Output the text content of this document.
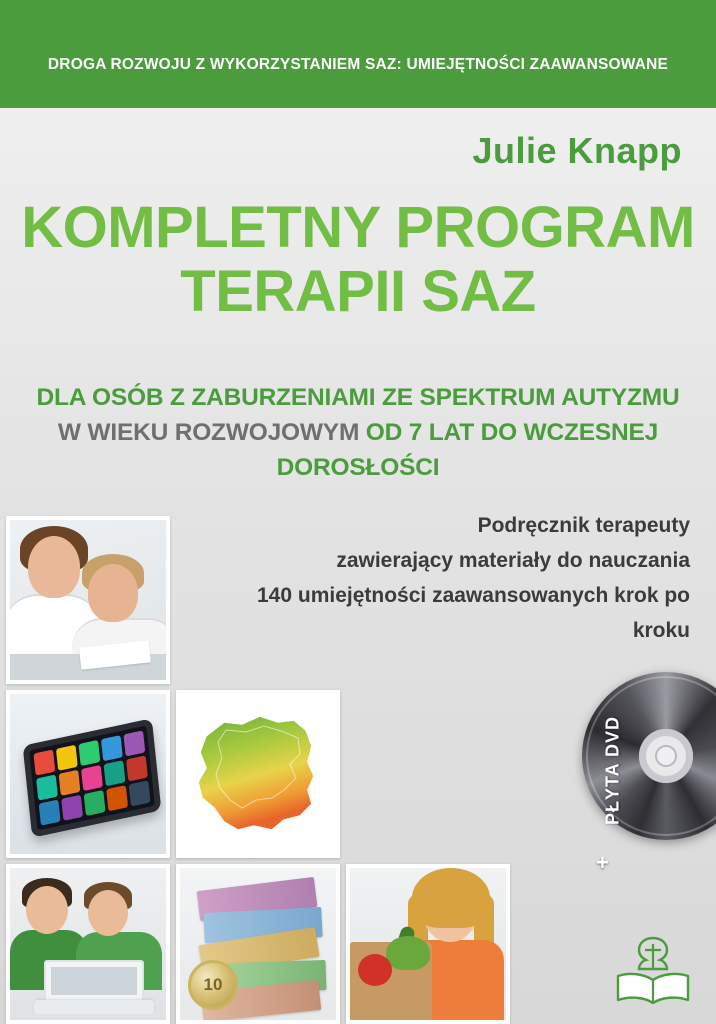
DROGA ROZWOJU Z WYKORZYSTANIEM SAZ: UMIEJĘTNOŚCI ZAAWANSOWANE
Julie Knapp
KOMPLETNY PROGRAM
TERAPII SAZ
DLA OSÓB Z ZABURZENIAMI ZE SPEKTRUM AUTYZMU
W WIEKU ROZWOJOWYM OD 7 LAT DO WCZESNEJ DOROSŁOŚCI
Podręcznik terapeuty
zawierający materiały do nauczania
140 umiejętności zaawansowanych krok po kroku
10
PŁYTA DVD
+
